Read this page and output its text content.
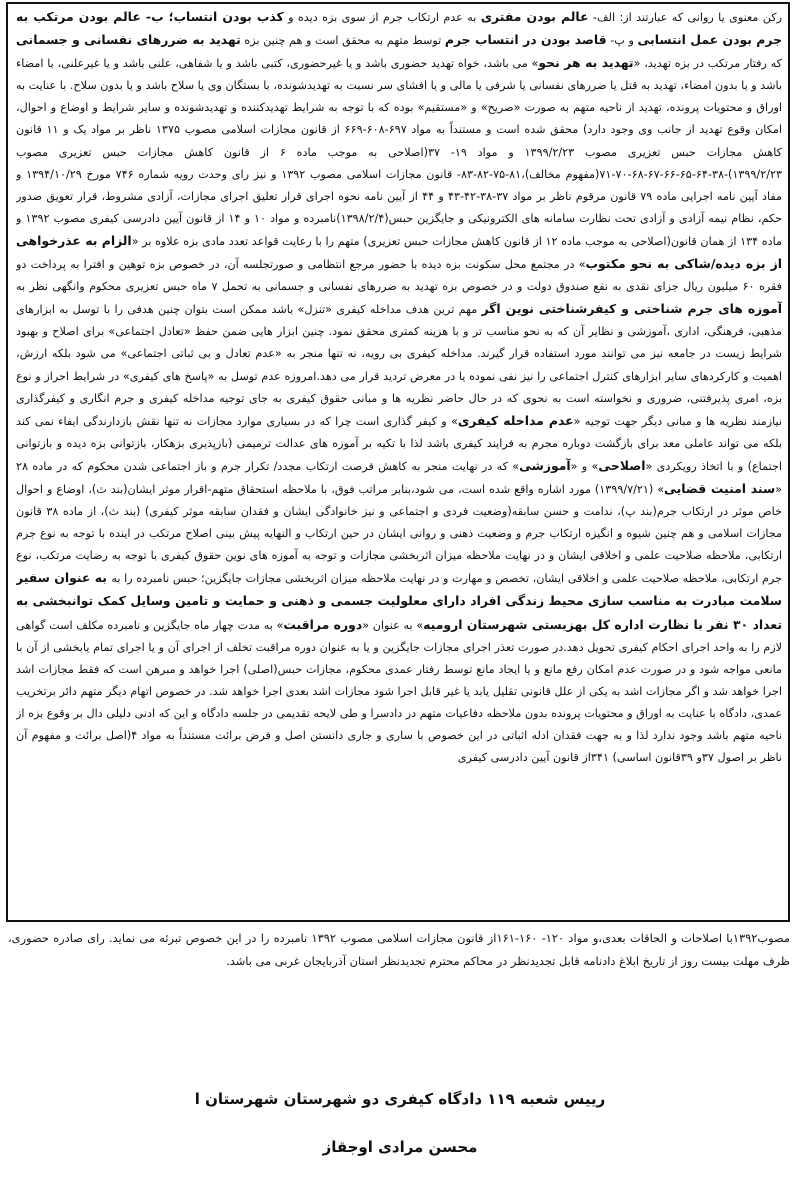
رکن معنوی یا روانی که عبارتند از: الف- عالم بودن مفتری به عدم ارتکاب جرم از سوی بزه دیده و کذب بودن انتساب؛ ب- عالم بودن مرتکب به جرم بودن عمل انتسابی و پ- قاصد بودن در انتساب جرم توسط متهم به محقق است و هم چنین بزه تهدید به ضررهای نفسانی و جسمانی که رفتار مرتکب در بزه تهدید، «تهدید به هر نحو» می باشد، خواه تهدید حضوری باشد و یا غیرحضوری، کتبی باشد و یا شفاهی، علنی باشد و یا غیرعلنی، با امضاء باشد و یا بدون امضاء، تهدید به قتل یا ضررهای نفسانی یا شرفی یا مالی و یا افشای سر نسبت به تهدیدشونده، با بستگان وی یا سلاح باشد و یا بدون سلاح. با عنایت به اوراق و محتویات پرونده، تهدید از ناحیه متهم به صورت «صریح» و «مستقیم» بوده که با توجه به شرایط تهدیدکننده و تهدیدشونده و سایر شرایط و اوضاع و احوال، امکان وقوع تهدید از جانب وی وجود دارد) محقق شده است و مستنداً به مواد ۶۹۷-۶۰۸-۶۶۹ از قانون مجازات اسلامی مصوب ۱۳۷۵ ناظر بر مواد یک و ۱۱ قانون کاهش مجازات حبس تعزیری مصوب ۱۳۹۹/۲/۲۳ و مواد ۱۹- ۳۷(اصلاحی به موجب ماده ۶ از قانون کاهش مجازات حبس تعزیری مصوب ۱۳۹۹/۲/۲۳)-۳۸-۶۴-۶۵-۶۶-۶۷-۶۸-۷۰-۷۱(مفهوم مخالف)،۸۱-۷۵-۸۲-۸۳- قانون مجازات اسلامی مصوب ۱۳۹۲ و نیز رای وحدت رویه شماره ۷۴۶ مورخ ۱۳۹۴/۱۰/۲۹ و مفاد آیین نامه اجرایی ماده ۷۹ قانون مرقوم ناظر بر مواد ۳۷-۳۸-۴۲-۴۳ و ۴۴ از آیین نامه نحوه اجرای قرار تعلیق اجرای مجازات، آزادی مشروط، قرار تعویق صدور حکم، نظام نیمه آزادی و آزادی تحت نظارت سامانه های الکترونیکی و جایگزین حبس(۱۳۹۸/۲/۴)نامبرده و مواد ۱۰ و ۱۴ از قانون آیین دادرسی کیفری مصوب ۱۳۹۲ و ماده ۱۳۴ از همان قانون(اصلاحی به موجب ماده ۱۲ از قانون کاهش مجازات حبس تعزیری) متهم را با رعایت قواعد تعدد مادی بزه علاوه بر «الزام به عذرخواهی از بزه دیده/شاکی به نحو مکتوب» در مجتمع محل سکونت بزه دیده با حضور مرجع انتظامی و صورتجلسه آن، در خصوص بزه توهین و افترا به پرداخت دو فقره ۶۰ میلیون ریال جزای نقدی به نفع صندوق دولت و در خصوص بزه تهدید به ضررهای نفسانی و جسمانی به تحمل ۷ ماه حبس تعزیری محکوم وانگهی نظر به آموزه های جرم شناختی و کیفرشناختی نوین اگر مهم ترین هدف مداخله کیفری «تنزل» باشد ممکن است بتوان چنین هدفی را با توسل به ابزارهای مذهبی، فرهنگی، اداری ،آموزشی و نظایر آن که به نحو مناسب تر و با هزینه کمتری محقق نمود. چنین ابزار هایی ضمن حفظ «تعادل اجتماعی» برای اصلاح و بهبود شرایط زیست در جامعه نیز می توانند مورد استفاده قرار گیرند. مداخله کیفری بی رویه، نه تنها منجر به «عدم تعادل و بی ثباتی اجتماعی» می شود بلکه ارزش، اهمیت و کارکردهای سایر ابزارهای کنترل اجتماعی را نیز نفی نموده یا در معرض تردید قرار می دهد.امروزه عدم توسل به «پاسخ های کیفری» در شرایط احراز و نوع بزه، امری پذیرفتنی، ضروری و نخواسته است به نحوی که در حال حاضر نظریه ها و مبانی حقوق کیفری به جای توجیه مداخله کیفری و جرم انگاری و کیفرگذاری نیازمند نظریه ها و مبانی دیگر جهت توجیه «عدم مداخله کیفری» و کیفر گذاری است چرا که در بسیاری موارد مجازات نه تنها نقش بازدارندگی ایفاء نمی کند بلکه می تواند عاملی معد برای بازگشت دوباره مجرم به فرایند کیفری باشد لذا با تکیه بر آموزه های عدالت ترمیمی (بازپذیری بزهکار، بازتوانی بزه دیده و بازتوانی اجتماع) و با اتخاذ رویکردی «اصلاحی» و «آموزشی» که در نهایت منجر به کاهش فرصت ارتکاب مجدد/ تکرار جرم و باز اجتماعی شدن محکوم که در ماده ۲۸ «سند امنیت قضایی» (۱۳۹۹/۷/۲۱) مورد اشاره واقع شده است، می شود،بنابر مراتب فوق، با ملاحظه استحقاق متهم-اقرار موثر ایشان(بند ث)، اوضاع و احوال خاص موثر در ارتکاب جرم(بند پ)، ندامت و حسن سابقه(وضعیت فردی و اجتماعی و نیز خانوادگی ایشان و فقدان سابقه موثر کیفری) (بند ث)، از ماده ۳۸ قانون مجازات اسلامی و هم چنین شیوه و انگیزه ارتکاب جرم و وضعیت ذهنی و روانی ایشان در حین ارتکاب و النهایه پیش بینی اصلاح مرتکب در اینده با توجه به نوع جرم ارتکابی، ملاحظه صلاحیت علمی و اخلاقی ایشان و در نهایت ملاحظه میزان اثربخشی مجازات و توجه به آموزه های نوین حقوق کیفری با توجه به رضایت مرتکب، نوع جرم ارتکابی، ملاحظه صلاحیت علمی و اخلاقی ایشان، تخصص و مهارت و در نهایت ملاحظه میزان اثربخشی مجازات جایگزین؛ حبس نامبرده را به به عنوان سفیر سلامت مبادرت به مناسب سازی محیط زندگی افراد دارای معلولیت جسمی و ذهنی و حمایت و تامین وسایل کمک توانبخشی به تعداد ۳۰ نفر با نظارت اداره کل بهزیستی شهرستان ارومیه» به عنوان «دوره مراقبت» به مدت چهار ماه جایگزین و نامبرده مکلف است گواهی لازم را به واحد اجرای احکام کیفری تحویل دهد.در صورت تعذر اجرای مجازات جایگزین و یا به عنوان دوره مراقبت تخلف از اجرای آن و یا اجرای تمام یابخشی از آن با مانعی مواجه شود و در صورت عدم امکان رفع مانع و یا ایجاد مانع توسط رفتار عمدی محکوم، مجازات حبس(اصلی) اجرا خواهد و مبرهن است که فقط مجازات اشد اجرا خواهد شد و اگر مجازات اشد به یکی از علل قانونی تقلیل یابد یا غیر قابل اجرا شود مجازات اشد بعدی اجرا خواهد شد. در خصوص اتهام دیگر متهم دائر برتخریب عمدی، دادگاه با عنایت به اوراق و محتویات پرونده بدون ملاحظه دفاعیات متهم در دادسرا و طی لایحه تقدیمی در جلسه دادگاه و این که ادنی دلیلی دال بر وقوع بزه از ناحیه متهم باشد وجود ندارد لذا و به جهت فقدان ادله اثباتی در این خصوص با ساری و جاری دانستن اصل و فرض برائت مستنداً به مواد ۴(اصل برائت و مفهوم آن ناظر بر اصول ۳۷و ۳۹قانون اساسی) ۳۴۱از قانون آیین دادرسی کیفری

مصوب۱۳۹۲با اصلاحات و الحاقات بعدی،و مواد ۱۲۰- ۱۶۰-۱۶۱از قانون مجازات اسلامی مصوب ۱۳۹۲ نامبرده را در این خصوص تبرئه می نماید. رای صادره حضوری، ظرف مهلت بیست روز از تاریخ ابلاغ دادنامه قابل تجدیدنظر در محاکم محترم تجدیدنظر استان آذربایجان غربی می باشد.

رییس شعبه ۱۱۹ دادگاه کیفری دو شهرستان شهرستان ا
محسن مرادی اوجقاز
